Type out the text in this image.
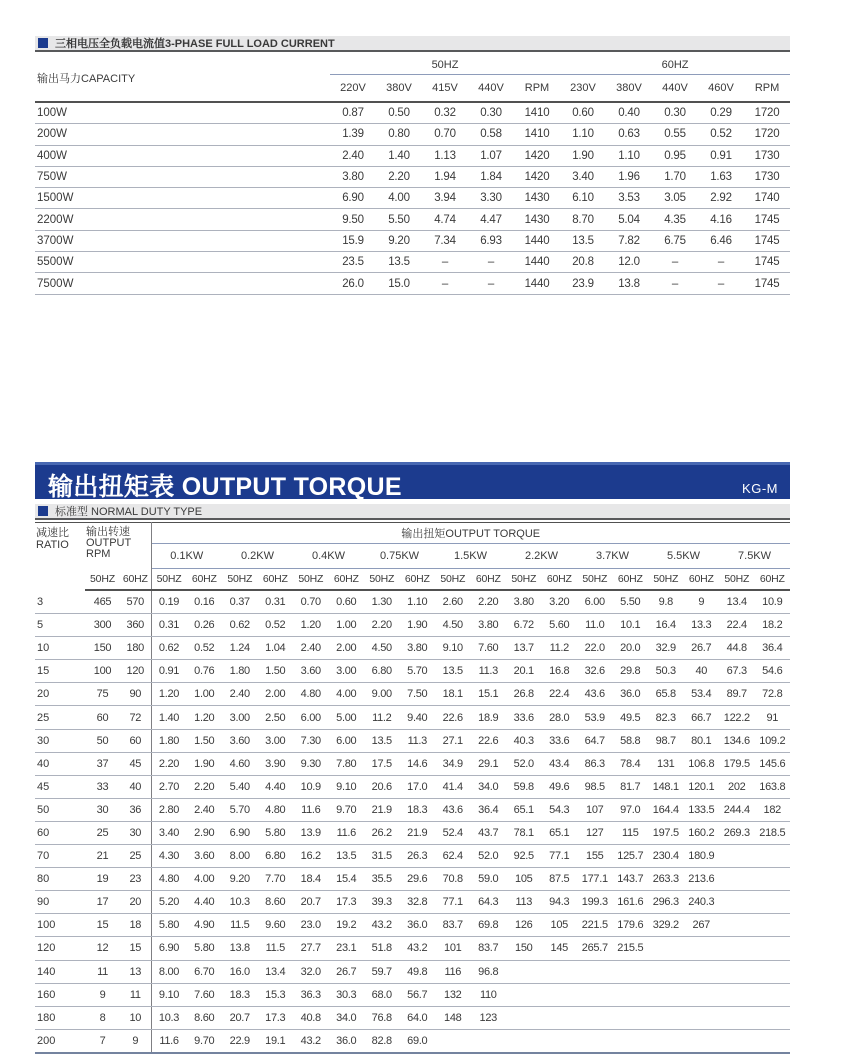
三相电压全负载电流值3-PHASE FULL LOAD CURRENT
输出马力CAPACITY	50HZ					60HZ				
	220V	380V	415V	440V	RPM	230V	380V	440V	460V	RPM
100W	0.87	0.50	0.32	0.30	1410	0.60	0.40	0.30	0.29	1720
200W	1.39	0.80	0.70	0.58	1410	1.10	0.63	0.55	0.52	1720
400W	2.40	1.40	1.13	1.07	1420	1.90	1.10	0.95	0.91	1730
750W	3.80	2.20	1.94	1.84	1420	3.40	1.96	1.70	1.63	1730
1500W	6.90	4.00	3.94	3.30	1430	6.10	3.53	3.05	2.92	1740
2200W	9.50	5.50	4.74	4.47	1430	8.70	5.04	4.35	4.16	1745
3700W	15.9	9.20	7.34	6.93	1440	13.5	7.82	6.75	6.46	1745
5500W	23.5	13.5	–	–	1440	20.8	12.0	–	–	1745
7500W	26.0	15.0	–	–	1440	23.9	13.8	–	–	1745
输出扭矩表 OUTPUT TORQUE	KG-M
标准型 NORMAL DUTY TYPE
减速比
RATIO

输出转速
OUTPUT
RPM
	输出扭矩OUTPUT TORQUE
			0.1KW		0.2KW		0.4KW		0.75KW		1.5KW		2.2KW		3.7KW		5.5KW		7.5KW	
	50HZ	60HZ	50HZ	60HZ	50HZ	60HZ	50HZ	60HZ	50HZ	60HZ	50HZ	60HZ	50HZ	60HZ	50HZ	60HZ	50HZ	60HZ	50HZ	60HZ
3	465	570	0.19	0.16	0.37	0.31	0.70	0.60	1.30	1.10	2.60	2.20	3.80	3.20	6.00	5.50	9.8	9	13.4	10.9
5	300	360	0.31	0.26	0.62	0.52	1.20	1.00	2.20	1.90	4.50	3.80	6.72	5.60	11.0	10.1	16.4	13.3	22.4	18.2
10	150	180	0.62	0.52	1.24	1.04	2.40	2.00	4.50	3.80	9.10	7.60	13.7	11.2	22.0	20.0	32.9	26.7	44.8	36.4
15	100	120	0.91	0.76	1.80	1.50	3.60	3.00	6.80	5.70	13.5	11.3	20.1	16.8	32.6	29.8	50.3	40	67.3	54.6
20	75	90	1.20	1.00	2.40	2.00	4.80	4.00	9.00	7.50	18.1	15.1	26.8	22.4	43.6	36.0	65.8	53.4	89.7	72.8
25	60	72	1.40	1.20	3.00	2.50	6.00	5.00	11.2	9.40	22.6	18.9	33.6	28.0	53.9	49.5	82.3	66.7	122.2	91
30	50	60	1.80	1.50	3.60	3.00	7.30	6.00	13.5	11.3	27.1	22.6	40.3	33.6	64.7	58.8	98.7	80.1	134.6	109.2
40	37	45	2.20	1.90	4.60	3.90	9.30	7.80	17.5	14.6	34.9	29.1	52.0	43.4	86.3	78.4	131	106.8	179.5	145.6
45	33	40	2.70	2.20	5.40	4.40	10.9	9.10	20.6	17.0	41.4	34.0	59.8	49.6	98.5	81.7	148.1	120.1	202	163.8
50	30	36	2.80	2.40	5.70	4.80	11.6	9.70	21.9	18.3	43.6	36.4	65.1	54.3	107	97.0	164.4	133.5	244.4	182
60	25	30	3.40	2.90	6.90	5.80	13.9	11.6	26.2	21.9	52.4	43.7	78.1	65.1	127	115	197.5	160.2	269.3	218.5
70	21	25	4.30	3.60	8.00	6.80	16.2	13.5	31.5	26.3	62.4	52.0	92.5	77.1	155	125.7	230.4	180.9		
80	19	23	4.80	4.00	9.20	7.70	18.4	15.4	35.5	29.6	70.8	59.0	105	87.5	177.1	143.7	263.3	213.6		
90	17	20	5.20	4.40	10.3	8.60	20.7	17.3	39.3	32.8	77.1	64.3	113	94.3	199.3	161.6	296.3	240.3		
100	15	18	5.80	4.90	11.5	9.60	23.0	19.2	43.2	36.0	83.7	69.8	126	105	221.5	179.6	329.2	267		
120	12	15	6.90	5.80	13.8	11.5	27.7	23.1	51.8	43.2	101	83.7	150	145	265.7	215.5				
140	11	13	8.00	6.70	16.0	13.4	32.0	26.7	59.7	49.8	116	96.8								
160	9	11	9.10	7.60	18.3	15.3	36.3	30.3	68.0	56.7	132	110								
180	8	10	10.3	8.60	20.7	17.3	40.8	34.0	76.8	64.0	148	123								
200	7	9	11.6	9.70	22.9	19.1	43.2	36.0	82.8	69.0										
